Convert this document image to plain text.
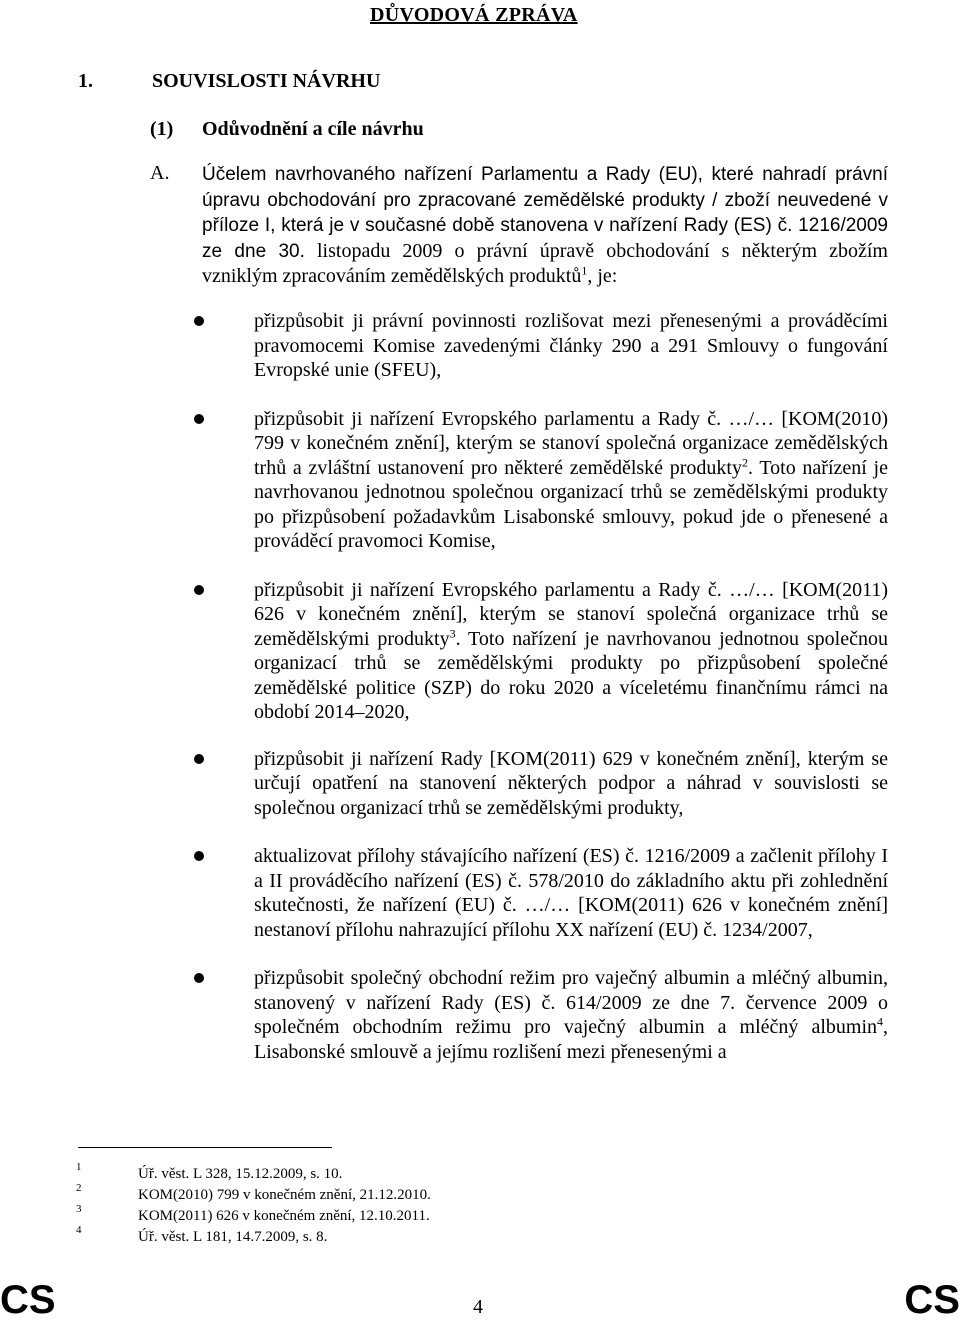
DŮVODOVÁ ZPRÁVA
1.	SOUVISLOSTI NÁVRHU
(1) Odůvodnění a cíle návrhu
A. Účelem navrhovaného nařízení Parlamentu a Rady (EU), které nahradí právní úpravu obchodování pro zpracované zemědělské produkty / zboží neuvedené v příloze I, která je v současné době stanovena v nařízení Rady (ES) č. 1216/2009 ze dne 30. listopadu 2009 o právní úpravě obchodování s některým zbožím vzniklým zpracováním zemědělských produktů$^1$, je:
přizpůsobit ji právní povinnosti rozlišovat mezi přenesenými a prováděcími pravomocemi Komise zavedenými články 290 a 291 Smlouvy o fungování Evropské unie (SFEU),
přizpůsobit ji nařízení Evropského parlamentu a Rady č. …/… [KOM(2010) 799 v konečném znění], kterým se stanoví společná organizace zemědělských trhů a zvláštní ustanovení pro některé zemědělské produkty$^2$. Toto nařízení je navrhovanou jednotnou společnou organizací trhů se zemědělskými produkty po přizpůsobení požadavkům Lisabonské smlouvy, pokud jde o přenesené a prováděcí pravomoci Komise,
přizpůsobit ji nařízení Evropského parlamentu a Rady č. …/… [KOM(2011) 626 v konečném znění], kterým se stanoví společná organizace trhů se zemědělskými produkty$^3$. Toto nařízení je navrhovanou jednotnou společnou organizací trhů se zemědělskými produkty po přizpůsobení společné zemědělské politice (SZP) do roku 2020 a víceletému finančnímu rámci na období 2014–2020,
přizpůsobit ji nařízení Rady [KOM(2011) 629 v konečném znění], kterým se určují opatření na stanovení některých podpor a náhrad v souvislosti se společnou organizací trhů se zemědělskými produkty,
aktualizovat přílohy stávajícího nařízení (ES) č. 1216/2009 a začlenit přílohy I a II prováděcího nařízení (ES) č. 578/2010 do základního aktu při zohlednění skutečnosti, že nařízení (EU) č. …/… [KOM(2011) 626 v konečném znění] nestanoví přílohu nahrazující přílohu XX nařízení (EU) č. 1234/2007,
přizpůsobit společný obchodní režim pro vaječný albumin a mléčný albumin, stanovený v nařízení Rady (ES) č. 614/2009 ze dne 7. července 2009 o společném obchodním režimu pro vaječný albumin a mléčný albumin$^4$, Lisabonské smlouvě a jejímu rozlišení mezi přenesenými a
1	Úř. věst. L 328, 15.12.2009, s. 10.
2	KOM(2010) 799 v konečném znění, 21.12.2010.
3	KOM(2011) 626 v konečném znění, 12.10.2011.
4	Úř. věst. L 181, 14.7.2009, s. 8.
CS	4	CS
